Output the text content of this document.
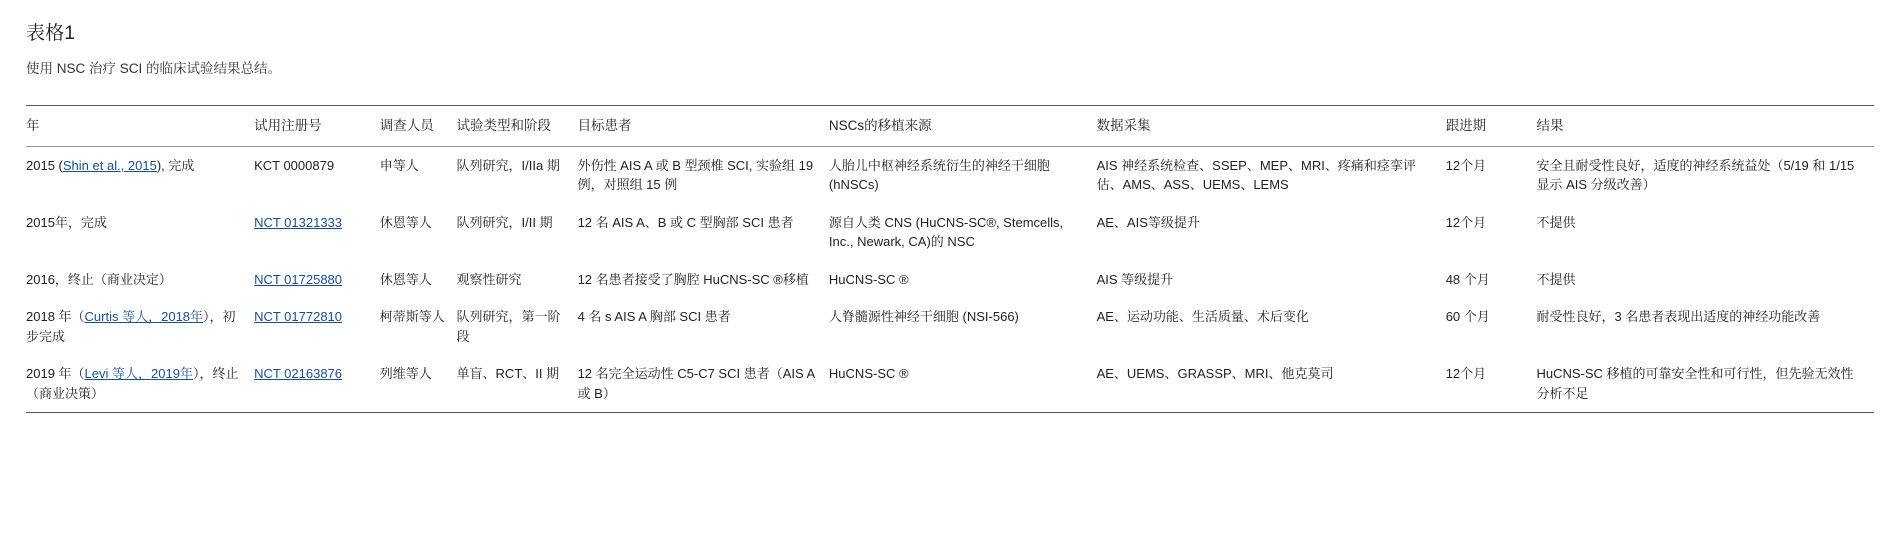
表格1
使用 NSC 治疗 SCI 的临床试验结果总结。
年	试用注册号	调查人员	试验类型和阶段	目标患者	NSCs的移植来源	数据采集	跟进期	结果
2015 (Shin et al., 2015), 完成	KCT 0000879	申等人	队列研究，I/IIa 期	外伤性 AIS A 或 B 型颈椎 SCI, 实验组 19 例，对照组 15 例	人胎儿中枢神经系统衍生的神经干细胞 (hNSCs)	AIS 神经系统检查、SSEP、MEP、MRI、疼痛和痉挛评估、AMS、ASS、UEMS、LEMS	12个月	安全且耐受性良好，适度的神经系统益处（5/19 和 1/15 显示 AIS 分级改善）
2015年，完成	NCT 01321333	休恩等人	队列研究，I/II 期	12 名 AIS A、B 或 C 型胸部 SCI 患者	源自人类 CNS (HuCNS-SC®, Stemcells, Inc., Newark, CA)的 NSC	AE、AIS等级提升	12个月	不提供
2016，终止（商业决定）	NCT 01725880	休恩等人	观察性研究	12 名患者接受了胸腔 HuCNS-SC ®移植	HuCNS-SC ®	AIS 等级提升	48 个月	不提供
2018 年（Curtis 等人，2018年），初步完成	NCT 01772810	柯蒂斯等人	队列研究，第一阶段	4 名 s AIS A 胸部 SCI 患者	人脊髓源性神经干细胞 (NSI-566)	AE、运动功能、生活质量、术后变化	60 个月	耐受性良好，3 名患者表现出适度的神经功能改善
2019 年（Levi 等人，2019年），终止（商业决策）	NCT 02163876	列维等人	单盲、RCT、II 期	12 名完全运动性 C5-C7 SCI 患者（AIS A 或 B）	HuCNS-SC ®	AE、UEMS、GRASSP、MRI、他克莫司	12个月	HuCNS-SC 移植的可靠安全性和可行性，但先验无效性分析不足
